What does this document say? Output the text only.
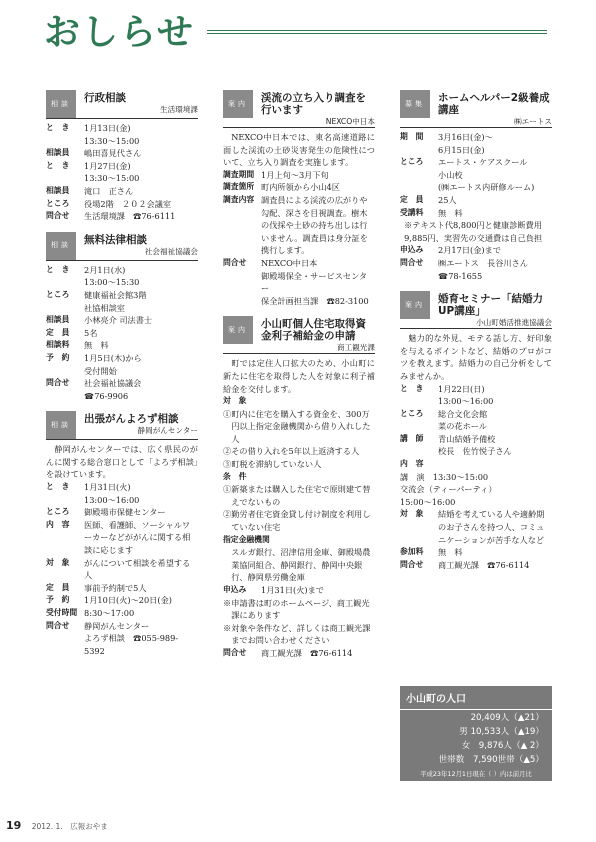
おしらせ
相談	行政相談
生活環境課
と　き	1月13日(金)
13:30～15:00
相談員	嶋田喜見代さん
と　き	1月27日(金)
13:30～15:00
相談員	滝口　正さん
ところ	役場2階　２０２会議室
問合せ	生活環境課　☎76-6111
相談	無料法律相談
社会福祉協議会
と　き	2月1日(水)
13:00～15:30
ところ	健康福祉会館3階
社協相談室
相談員	小林亮介 司法書士
定　員	5名
相談料	無　料
予　約	1月5日(木)から
受付開始
問合せ	社会福祉協議会
☎76-9906
相談	出張がんよろず相談
静岡がんセンター
静岡がんセンターでは、広く県民のがんに関する総合窓口として「よろず相談」を設けています。
と　き	1月31日(火)
13:00～16:00
ところ	御殿場市保健センター
内　容	医師、看護師、ソーシャルワーカーなどががんに関する相談に応じます
対　象	がんについて相談を希望する人
定　員	事前予約制で5人
予　約	1月10日(火)～20日(金)
受付時間 8:30～17:00
問合せ	静岡がんセンター
よろず相談　☎055-989-5392
案内	渓流の立ち入り調査を行います
NEXCO中日本
NEXCO中日本では、東名高速道路に面した渓流の土砂災害発生の危険性について、立ち入り調査を実施します。
調査期間 1月上旬～3月下旬
調査箇所 町内所領から小山4区
調査内容 調査員による渓流の広がりや勾配、深さを目視調査。樹木の伐採や土砂の持ち出しは行いません。調査員は身分証を携行します。
問合せ	NEXCO中日本
御殿場保全・サービスセンター
保全計画担当課　☎82-3100
案内	小山町個人住宅取得資金利子補給金の申請
商工観光課
町では定住人口拡大のため、小山町に新たに住宅を取得した人を対象に利子補給金を交付します。
対　象
①町内に住宅を購入する資金を、300万円以上指定金融機関から借り入れした人
②その借り入れを5年以上返済する人
③町税を滞納していない人
条　件
①新築または購入した住宅で原則建て替えでないもの
②勤労者住宅資金貸し付け制度を利用していない住宅
指定金融機関
スルガ銀行、沼津信用金庫、御殿場農業協同組合、静岡銀行、静岡中央銀行、静岡県労働金庫
申込み	1月31日(火)まで
※申請書は町のホームページ、商工観光課にあります
※対象や条件など、詳しくは商工観光課までお問い合わせください
問合せ	商工観光課　☎76-6114
募集	ホームヘルパー2級養成講座
㈱エートス
期　間	3月16日(金)～
6月15日(金)
ところ	エートス・ケアスクール
小山校
(㈱エートス内研修ルーム)
定　員	25人
受講料	無　料
※テキスト代8,800円と健康診断費用9,885円、実習先の交通費は自己負担
申込み	2月17日(金)まで
問合せ	㈱エートス　長谷川さん
☎78-1655
案内	婚育セミナー「結婚力UP講座」
小山町婚活推進協議会
魅力的な外見、モテる話し方、好印象を与えるポイントなど、結婚のプロがコツを教えます。結婚力の自己分析をしてみませんか。
と　き	1月22日(日)
13:00～16:00
ところ	総合文化会館
菜の花ホール
講　師	青山結婚予備校
校長　佐竹悦子さん
内　容
講　演　13:30～15:00
交流会（ティーパーティ）
15:00～16:00
対　象	結婚を考えている人や適齢期のお子さんを持つ人、コミュニケーションが苦手な人など
参加料	無　料
問合せ	商工観光課　☎76-6114
小山町の人口
20,409人（▲21）
男 10,533人（▲19）
女　9,876人（▲ 2）
世帯数　7,590世帯（▲5）
平成23年12月1日現在（ ）内は前月比
19 2012. 1.　広報おやま
